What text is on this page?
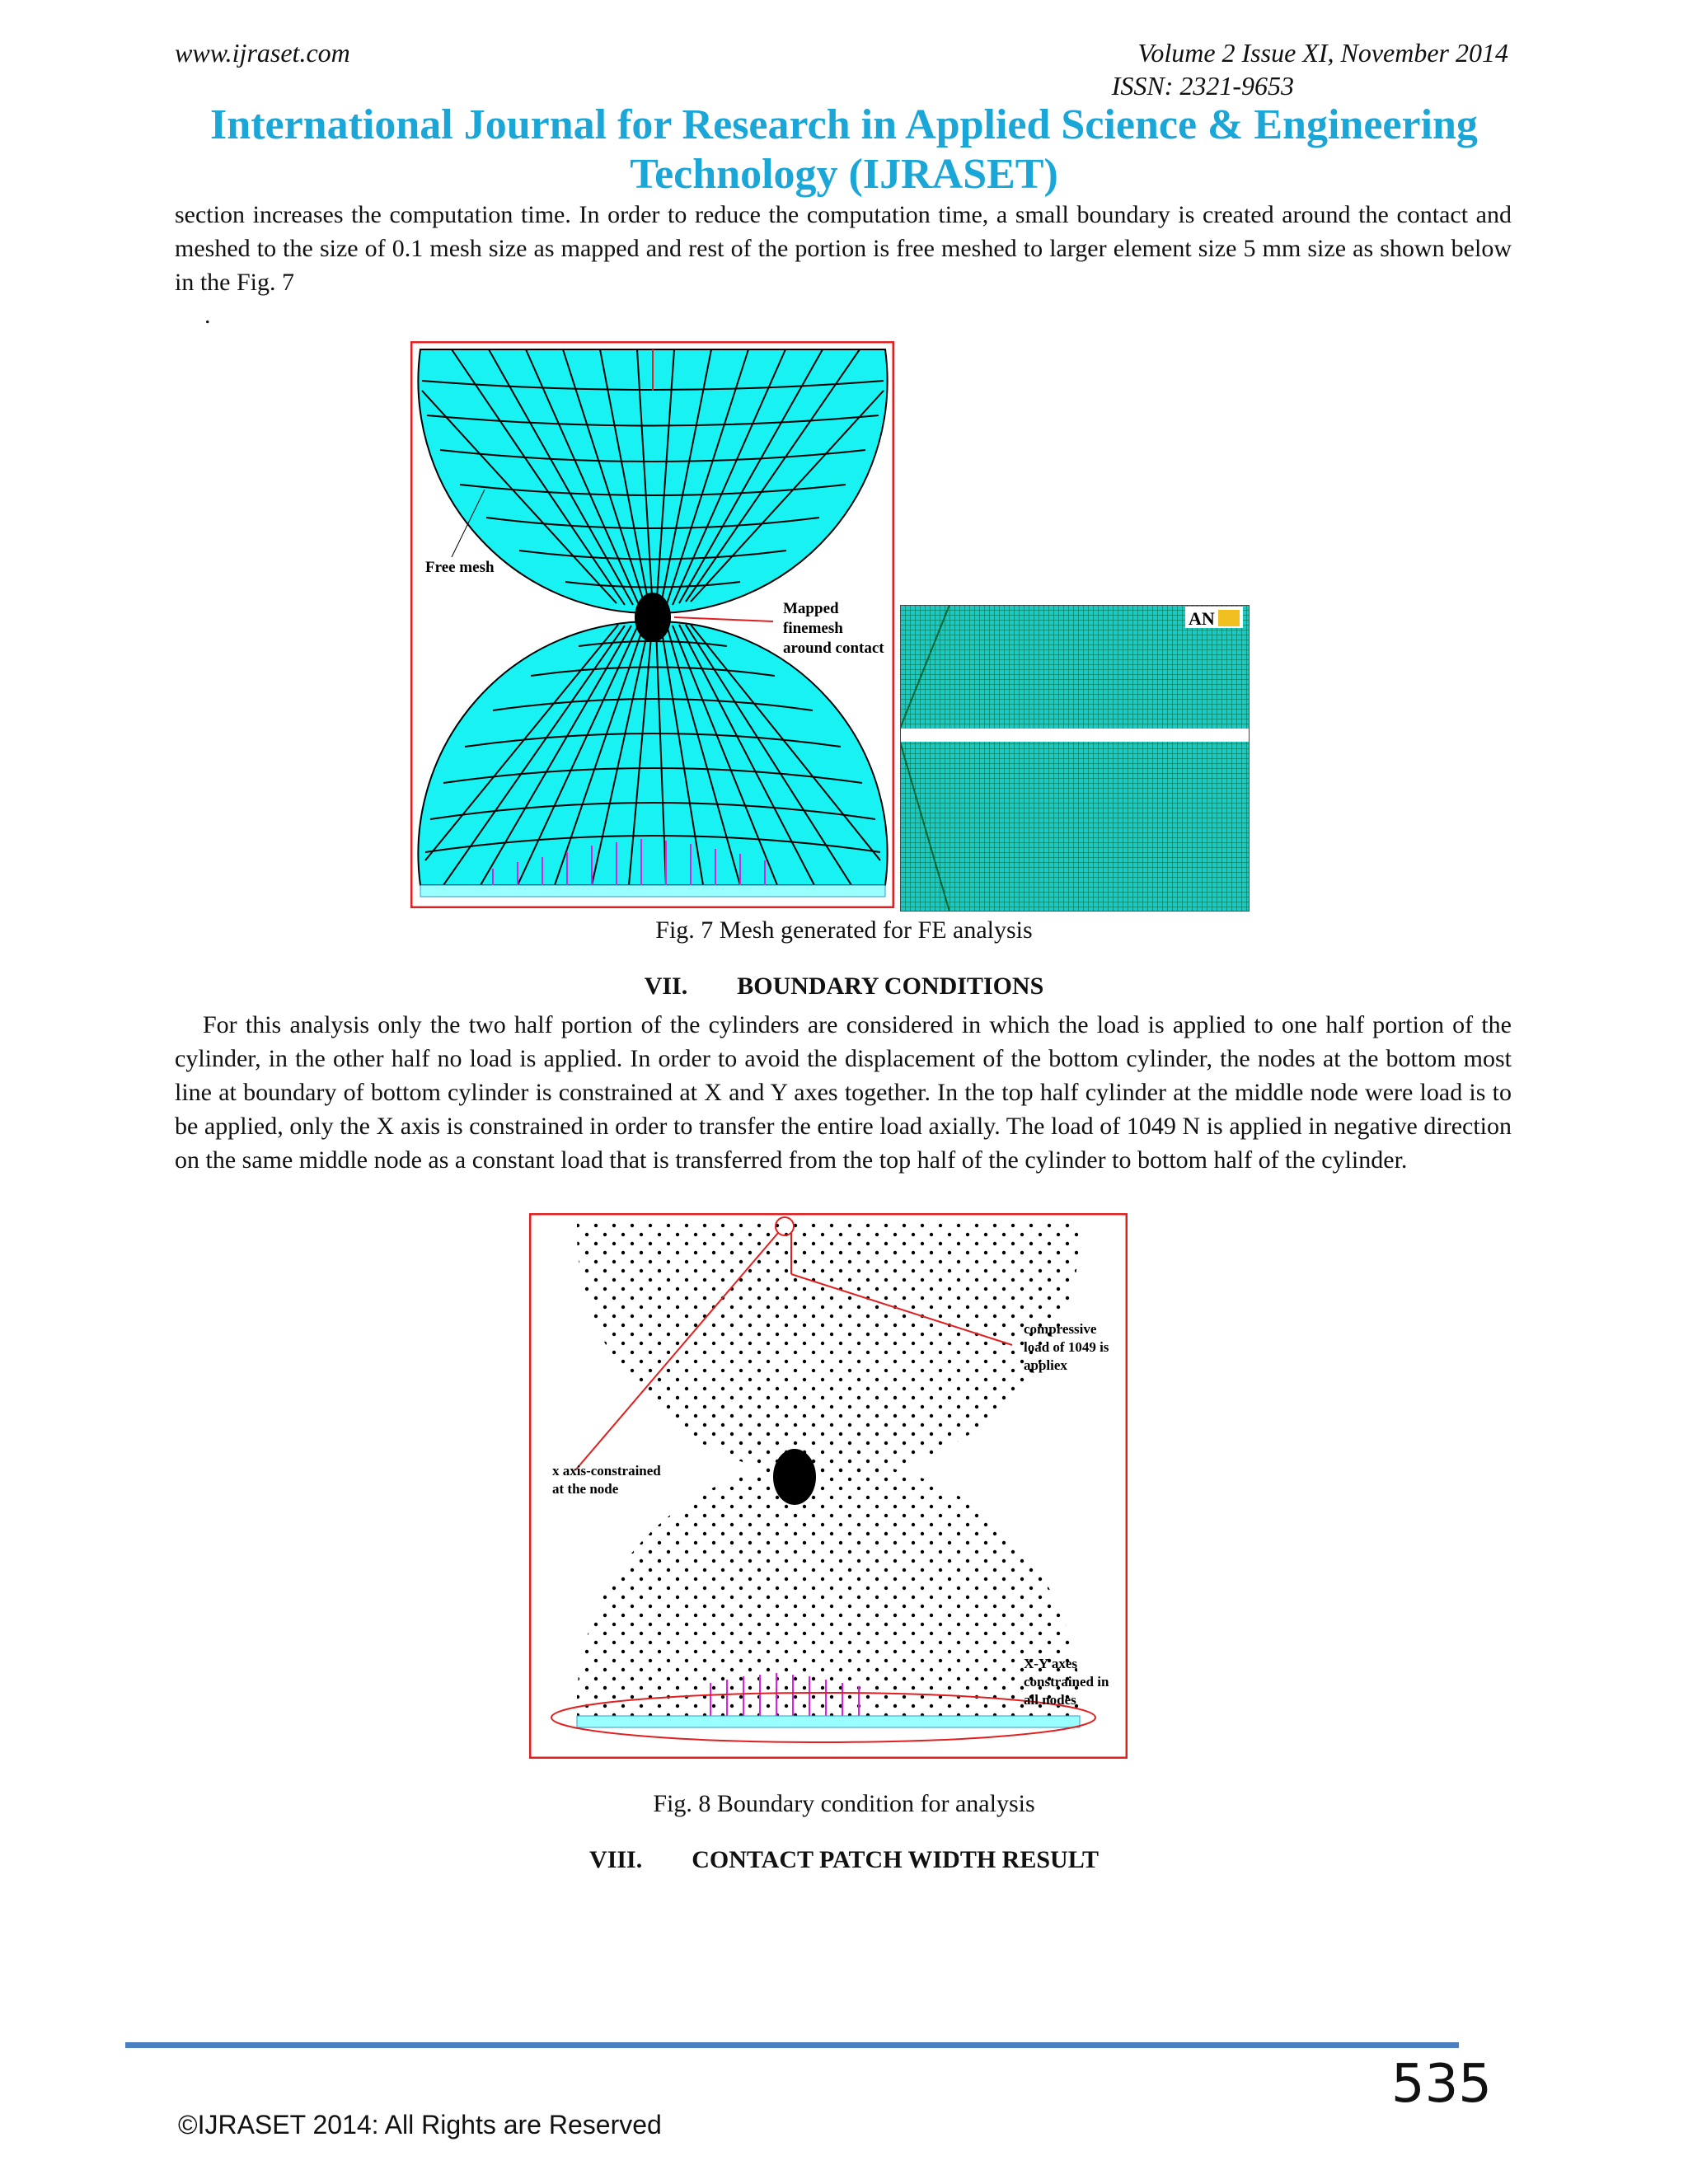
www.ijraset.com	Volume 2 Issue XI, November 2014
ISSN: 2321-9653
International Journal for Research in Applied Science & Engineering
Technology (IJRASET)
section increases the computation time. In order to reduce the computation time, a small boundary is created around the contact and meshed to the size of 0.1 mesh size as mapped and rest of the portion is free meshed to larger element size 5 mm size as shown below in the Fig. 7
.
Free mesh
Mapped
finemesh
around contact
AN
Fig. 7 Mesh generated for FE analysis
VII. BOUNDARY CONDITIONS
For this analysis only the two half portion of the cylinders are considered in which the load is applied to one half portion of the cylinder, in the other half no load is applied. In order to avoid the displacement of the bottom cylinder, the nodes at the bottom most line at boundary of bottom cylinder is constrained at X and Y axes together. In the top half cylinder at the middle node were load is to be applied, only the X axis is constrained in order to transfer the entire load axially. The load of 1049 N is applied in negative direction on the same middle node as a constant load that is transferred from the top half of the cylinder to bottom half of the cylinder.
compressive
load of 1049 is
appliex
x axis-constrained
at the node
X-Y axes
constrained in
all nodes
Fig. 8 Boundary condition for analysis
VIII. CONTACT PATCH WIDTH RESULT
535
©IJRASET 2014: All Rights are Reserved
